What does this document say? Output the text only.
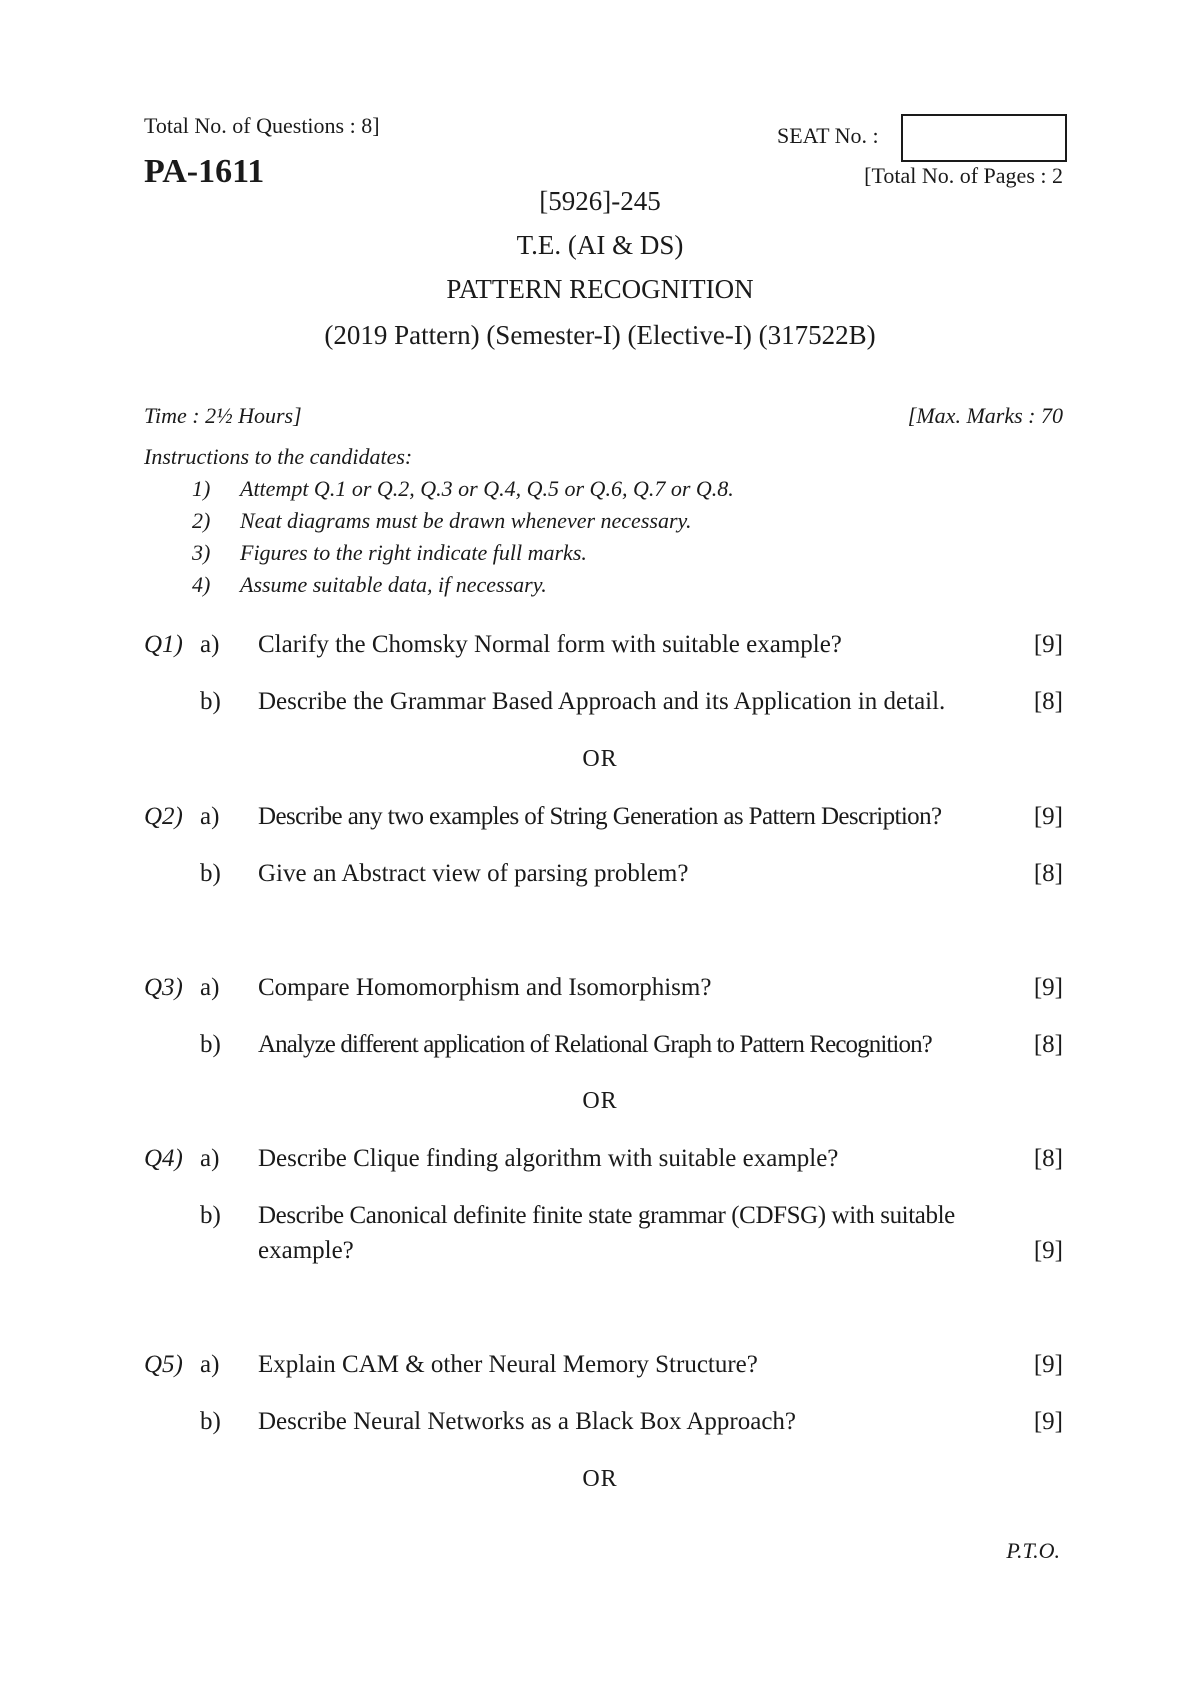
Total No. of Questions : 8]	SEAT No. :
PA-1611	[Total No. of Pages : 2
[5926]-245
T.E. (AI & DS)
PATTERN RECOGNITION
(2019 Pattern) (Semester-I) (Elective-I) (317522B)
Time : 2½ Hours]	[Max. Marks : 70
Instructions to the candidates:
1) Attempt Q.1 or Q.2, Q.3 or Q.4, Q.5 or Q.6, Q.7 or Q.8.
2) Neat diagrams must be drawn whenever necessary.
3) Figures to the right indicate full marks.
4) Assume suitable data, if necessary.
Q1) a) Clarify the Chomsky Normal form with suitable example?	[9]
b) Describe the Grammar Based Approach and its Application in detail.	[8]
OR
Q2) a) Describe any two examples of String Generation as Pattern Description?	[9]
b) Give an Abstract view of parsing problem?	[8]
Q3) a) Compare Homomorphism and Isomorphism?	[9]
b) Analyze different application of Relational Graph to Pattern Recognition?	[8]
OR
Q4) a) Describe Clique finding algorithm with suitable example?	[8]
b) Describe Canonical definite finite state grammar (CDFSG) with suitable
example?	[9]
Q5) a) Explain CAM & other Neural Memory Structure?	[9]
b) Describe Neural Networks as a Black Box Approach?	[9]
OR
P.T.O.
